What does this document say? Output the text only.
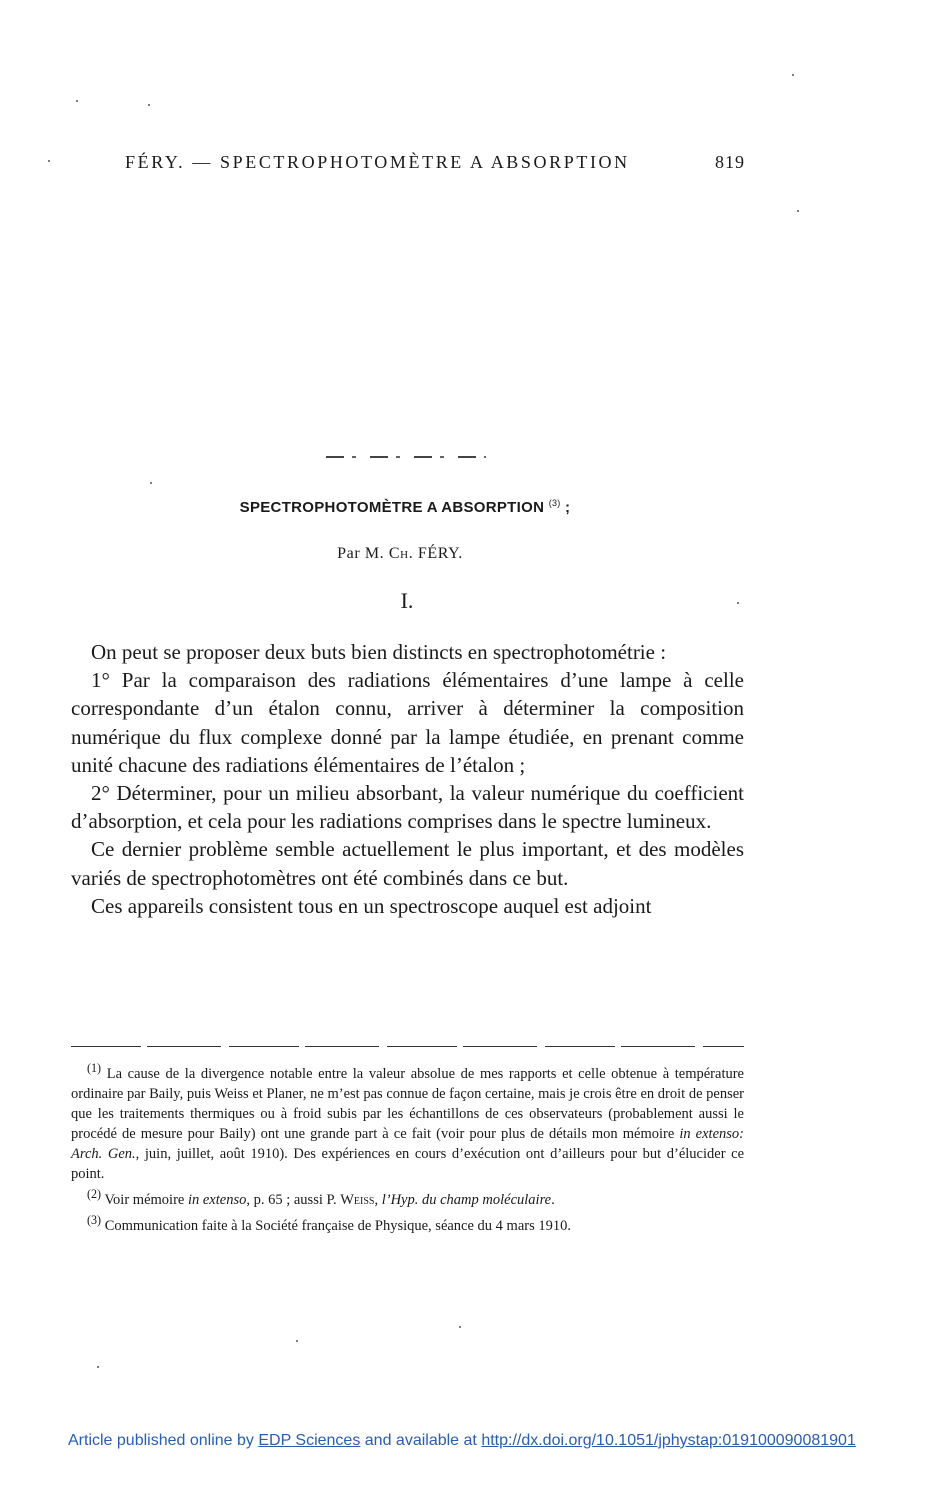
FÉRY. — SPECTROPHOTOMÈTRE A ABSORPTION	819
SPECTROPHOTOMÈTRE A ABSORPTION $^{(3)}$ ;
Par M. Ch. FÉRY.
I.

On peut se proposer deux buts bien distincts en spectrophotométrie :

1° Par la comparaison des radiations élémentaires d’une lampe à celle correspondante d’un étalon connu, arriver à déterminer la composition numérique du flux complexe donné par la lampe étudiée, en prenant comme unité chacune des radiations élémentaires de l’étalon ;

2° Déterminer, pour un milieu absorbant, la valeur numérique du coefficient d’absorption, et cela pour les radiations comprises dans le spectre lumineux.

Ce dernier problème semble actuellement le plus important, et des modèles variés de spectrophotomètres ont été combinés dans ce but.

Ces appareils consistent tous en un spectroscope auquel est adjoint

$^{(1)}$ La cause de la divergence notable entre la valeur absolue de mes rapports et celle obtenue à température ordinaire par Baily, puis Weiss et Planer, ne m’est pas connue de façon certaine, mais je crois être en droit de penser que les traitements thermiques ou à froid subis par les échantillons de ces observateurs (probablement aussi le procédé de mesure pour Baily) ont une grande part à ce fait (voir pour plus de détails mon mémoire in extenso: Arch. Gen., juin, juillet, août 1910). Des expériences en cours d’exécution ont d’ailleurs pour but d’élucider ce point.

$^{(2)}$ Voir mémoire in extenso, p. 65 ; aussi P. Weiss, l’Hyp. du champ moléculaire.

$^{(3)}$ Communication faite à la Société française de Physique, séance du 4 mars 1910.

Article published online by EDP Sciences and available at http://dx.doi.org/10.1051/jphystap:019100090081901
